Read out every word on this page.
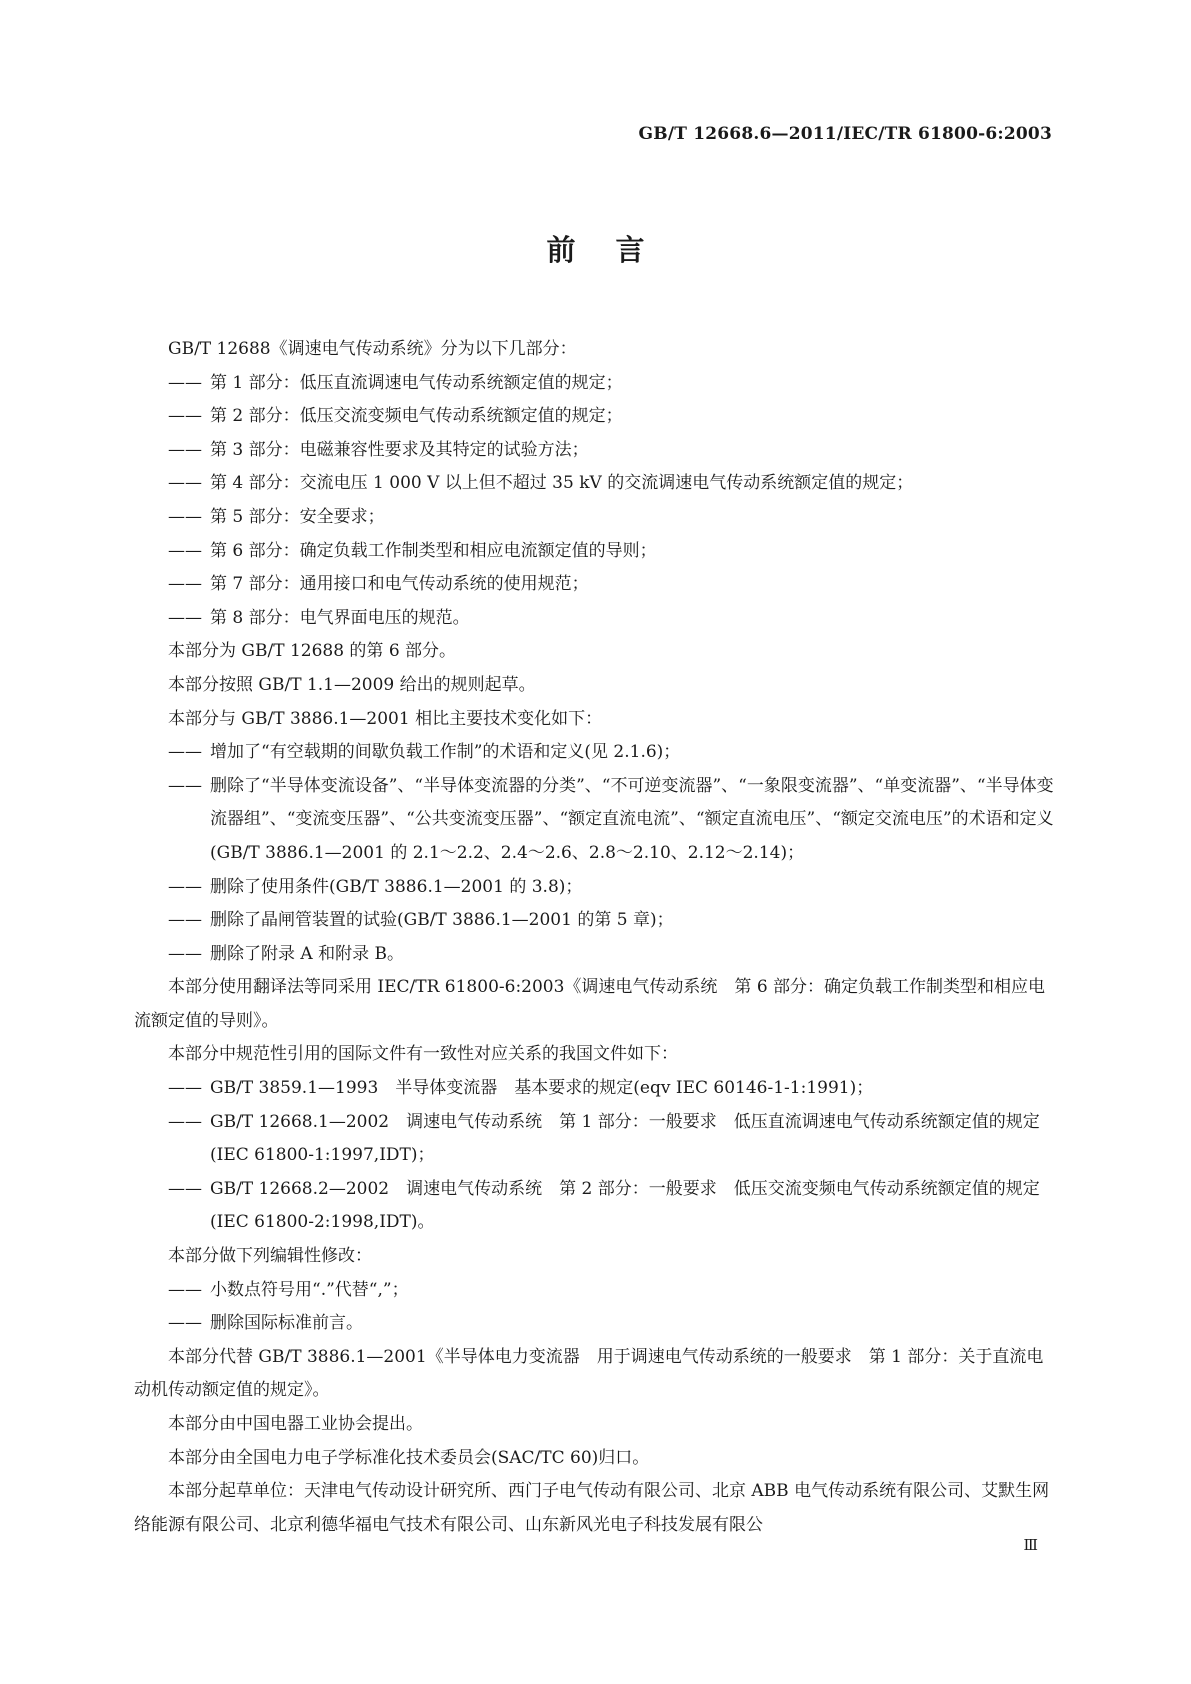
GB/T 12668.6—2011/IEC/TR 61800-6:2003
前言

GB/T 12688《调速电气传动系统》分为以下几部分：

—— 第 1 部分：低压直流调速电气传动系统额定值的规定；

—— 第 2 部分：低压交流变频电气传动系统额定值的规定；

—— 第 3 部分：电磁兼容性要求及其特定的试验方法；

—— 第 4 部分：交流电压 1 000 V 以上但不超过 35 kV 的交流调速电气传动系统额定值的规定；

—— 第 5 部分：安全要求；

—— 第 6 部分：确定负载工作制类型和相应电流额定值的导则；

—— 第 7 部分：通用接口和电气传动系统的使用规范；

—— 第 8 部分：电气界面电压的规范。

本部分为 GB/T 12688 的第 6 部分。

本部分按照 GB/T 1.1—2009 给出的规则起草。

本部分与 GB/T 3886.1—2001 相比主要技术变化如下：

—— 增加了“有空载期的间歇负载工作制”的术语和定义(见 2.1.6)；

—— 删除了“半导体变流设备”、“半导体变流器的分类”、“不可逆变流器”、“一象限变流器”、“单变流器”、“半导体变流器组”、“变流变压器”、“公共变流变压器”、“额定直流电流”、“额定直流电压”、“额定交流电压”的术语和定义(GB/T 3886.1—2001 的 2.1～2.2、2.4～2.6、2.8～2.10、2.12～2.14)；

—— 删除了使用条件(GB/T 3886.1—2001 的 3.8)；

—— 删除了晶闸管装置的试验(GB/T 3886.1—2001 的第 5 章)；

—— 删除了附录 A 和附录 B。

本部分使用翻译法等同采用 IEC/TR 61800-6:2003《调速电气传动系统　第 6 部分：确定负载工作制类型和相应电流额定值的导则》。

本部分中规范性引用的国际文件有一致性对应关系的我国文件如下：

—— GB/T 3859.1—1993　半导体变流器　基本要求的规定(eqv IEC 60146-1-1:1991)；

—— GB/T 12668.1—2002　调速电气传动系统　第 1 部分：一般要求　低压直流调速电气传动系统额定值的规定(IEC 61800-1:1997,IDT)；

—— GB/T 12668.2—2002　调速电气传动系统　第 2 部分：一般要求　低压交流变频电气传动系统额定值的规定(IEC 61800-2:1998,IDT)。

本部分做下列编辑性修改：

—— 小数点符号用“.”代替“,”；

—— 删除国际标准前言。

本部分代替 GB/T 3886.1—2001《半导体电力变流器　用于调速电气传动系统的一般要求　第 1 部分：关于直流电动机传动额定值的规定》。

本部分由中国电器工业协会提出。

本部分由全国电力电子学标准化技术委员会(SAC/TC 60)归口。

本部分起草单位：天津电气传动设计研究所、西门子电气传动有限公司、北京 ABB 电气传动系统有限公司、艾默生网络能源有限公司、北京利德华福电气技术有限公司、山东新风光电子科技发展有限公

Ⅲ
